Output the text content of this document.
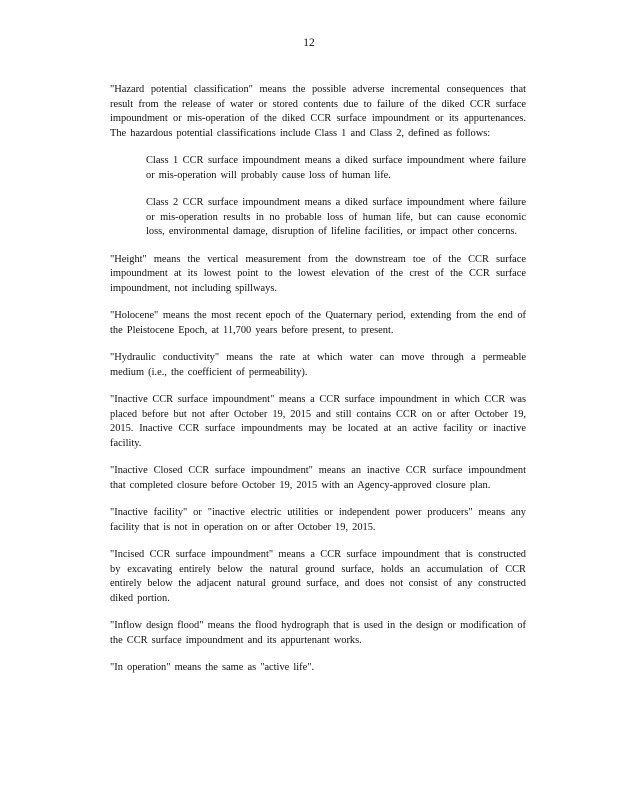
12

"Hazard potential classification" means the possible adverse incremental consequences that result from the release of water or stored contents due to failure of the diked CCR surface impoundment or mis-operation of the diked CCR surface impoundment or its appurtenances. The hazardous potential classifications include Class 1 and Class 2, defined as follows:

Class 1 CCR surface impoundment means a diked surface impoundment where failure or mis-operation will probably cause loss of human life.

Class 2 CCR surface impoundment means a diked surface impoundment where failure or mis-operation results in no probable loss of human life, but can cause economic loss, environmental damage, disruption of lifeline facilities, or impact other concerns.

"Height" means the vertical measurement from the downstream toe of the CCR surface impoundment at its lowest point to the lowest elevation of the crest of the CCR surface impoundment, not including spillways.

"Holocene" means the most recent epoch of the Quaternary period, extending from the end of the Pleistocene Epoch, at 11,700 years before present, to present.

"Hydraulic conductivity" means the rate at which water can move through a permeable medium (i.e., the coefficient of permeability).

"Inactive CCR surface impoundment" means a CCR surface impoundment in which CCR was placed before but not after October 19, 2015 and still contains CCR on or after October 19, 2015. Inactive CCR surface impoundments may be located at an active facility or inactive facility.

"Inactive Closed CCR surface impoundment" means an inactive CCR surface impoundment that completed closure before October 19, 2015 with an Agency-approved closure plan.

"Inactive facility" or "inactive electric utilities or independent power producers" means any facility that is not in operation on or after October 19, 2015.

"Incised CCR surface impoundment" means a CCR surface impoundment that is constructed by excavating entirely below the natural ground surface, holds an accumulation of CCR entirely below the adjacent natural ground surface, and does not consist of any constructed diked portion.

"Inflow design flood" means the flood hydrograph that is used in the design or modification of the CCR surface impoundment and its appurtenant works.

"In operation" means the same as "active life".
